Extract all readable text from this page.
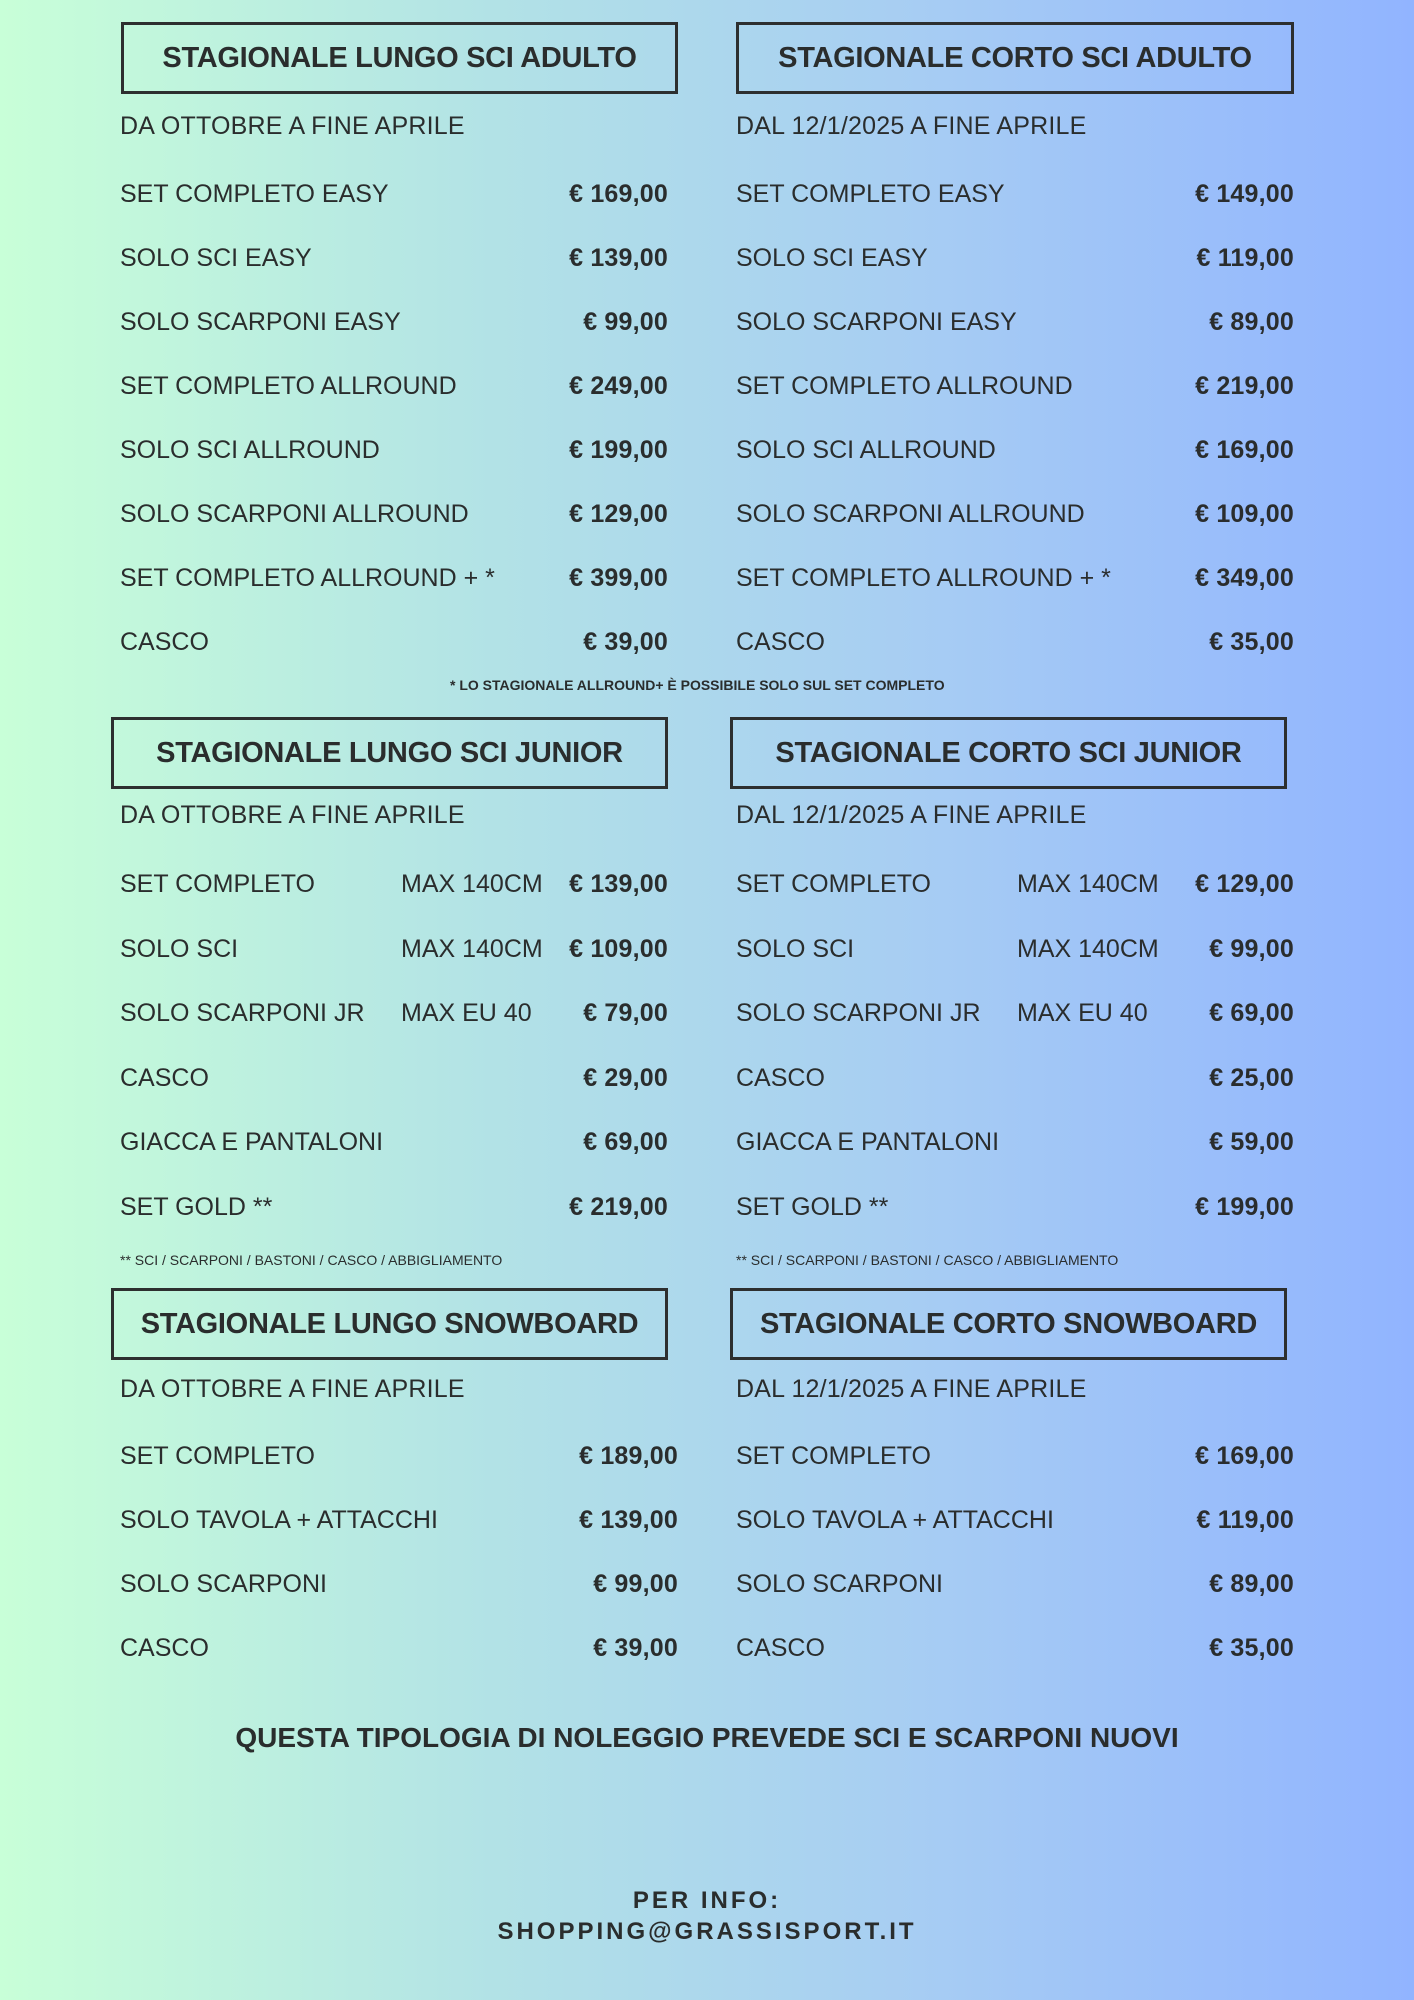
STAGIONALE LUNGO SCI ADULTO
DA OTTOBRE A FINE APRILE
SET COMPLETO EASY	€ 169,00
SOLO SCI EASY	€ 139,00
SOLO SCARPONI EASY	€ 99,00
SET COMPLETO ALLROUND	€ 249,00
SOLO SCI ALLROUND	€ 199,00
SOLO SCARPONI ALLROUND	€ 129,00
SET COMPLETO ALLROUND + *	€ 399,00
CASCO	€ 39,00
STAGIONALE CORTO SCI ADULTO
DAL 12/1/2025 A FINE APRILE
SET COMPLETO EASY	€ 149,00
SOLO SCI EASY	€ 119,00
SOLO SCARPONI EASY	€ 89,00
SET COMPLETO ALLROUND	€ 219,00
SOLO SCI ALLROUND	€ 169,00
SOLO SCARPONI ALLROUND	€ 109,00
SET COMPLETO ALLROUND + *	€ 349,00
CASCO	€ 35,00
* LO STAGIONALE ALLROUND+ È POSSIBILE SOLO SUL SET COMPLETO
STAGIONALE LUNGO SCI JUNIOR
DA OTTOBRE A FINE APRILE
SET COMPLETO	MAX 140CM € 139,00
SOLO SCI	MAX 140CM € 109,00
SOLO SCARPONI JR	MAX EU 40 € 79,00
CASCO	€ 29,00
GIACCA E PANTALONI	€ 69,00
SET GOLD **	€ 219,00
** SCI / SCARPONI / BASTONI / CASCO / ABBIGLIAMENTO
STAGIONALE CORTO SCI JUNIOR
DAL 12/1/2025 A FINE APRILE
SET COMPLETO	MAX 140CM € 129,00
SOLO SCI	MAX 140CM € 99,00
SOLO SCARPONI JR	MAX EU 40 € 69,00
CASCO	€ 25,00
GIACCA E PANTALONI	€ 59,00
SET GOLD **	€ 199,00
** SCI / SCARPONI / BASTONI / CASCO / ABBIGLIAMENTO
STAGIONALE LUNGO SNOWBOARD
DA OTTOBRE A FINE APRILE
SET COMPLETO	€ 189,00
SOLO TAVOLA + ATTACCHI	€ 139,00
SOLO SCARPONI	€ 99,00
CASCO	€ 39,00
STAGIONALE CORTO SNOWBOARD
DAL 12/1/2025 A FINE APRILE
SET COMPLETO	€ 169,00
SOLO TAVOLA + ATTACCHI	€ 119,00
SOLO SCARPONI	€ 89,00
CASCO	€ 35,00
QUESTA TIPOLOGIA DI NOLEGGIO PREVEDE SCI E SCARPONI NUOVI
PER INFO:
SHOPPING@GRASSISPORT.IT
